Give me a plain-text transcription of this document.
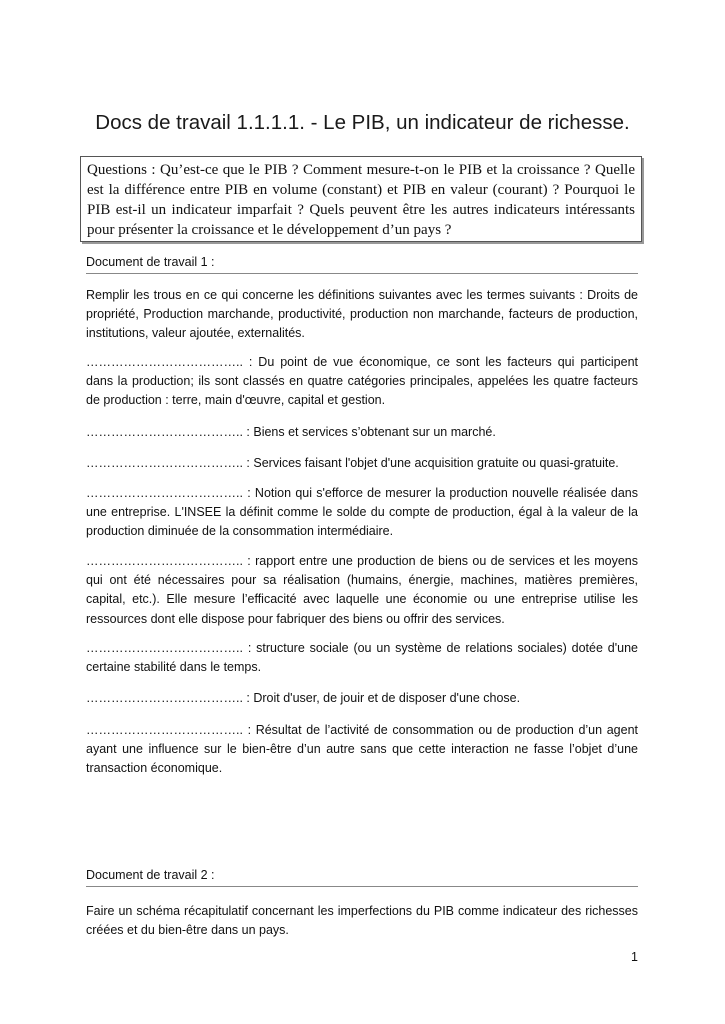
Docs de travail 1.1.1.1. - Le PIB, un indicateur de richesse.
Questions : Qu’est-ce que le PIB ? Comment mesure-t-on le PIB et la croissance ? Quelle est la différence entre PIB en volume (constant) et PIB en valeur (courant) ? Pourquoi le PIB est-il un indicateur imparfait ? Quels peuvent être les autres indicateurs intéressants pour présenter la croissance et le développement d’un pays ?
Document de travail 1 :
Remplir les trous en ce qui concerne les définitions suivantes avec les termes suivants : Droits de propriété, Production marchande, productivité, production non marchande, facteurs de production, institutions, valeur ajoutée, externalités.
……………………………….. : Du point de vue économique, ce sont les facteurs qui participent dans la production; ils sont classés en quatre catégories principales, appelées les quatre facteurs de production : terre, main d'œuvre, capital et gestion.
……………………………….. : Biens et services s’obtenant sur un marché.
……………………………….. : Services faisant l'objet d'une acquisition gratuite ou quasi-gratuite.
……………………………….. : Notion qui s'efforce de mesurer la production nouvelle réalisée dans une entreprise. L'INSEE la définit comme le solde du compte de production, égal à la valeur de la production diminuée de la consommation intermédiaire.
……………………………….. : rapport entre une production de biens ou de services et les moyens qui ont été nécessaires pour sa réalisation (humains, énergie, machines, matières premières, capital, etc.). Elle mesure l’efficacité avec laquelle une économie ou une entreprise utilise les ressources dont elle dispose pour fabriquer des biens ou offrir des services.
……………………………….. : structure sociale (ou un système de relations sociales) dotée d'une certaine stabilité dans le temps.
……………………………….. : Droit d'user, de jouir et de disposer d'une chose.
……………………………….. : Résultat de l’activité de consommation ou de production d’un agent ayant une influence sur le bien-être d’un autre sans que cette interaction ne fasse l’objet d’une transaction économique.
Document de travail 2 :
Faire un schéma récapitulatif concernant les imperfections du PIB comme indicateur des richesses créées et du bien-être dans un pays.
1
